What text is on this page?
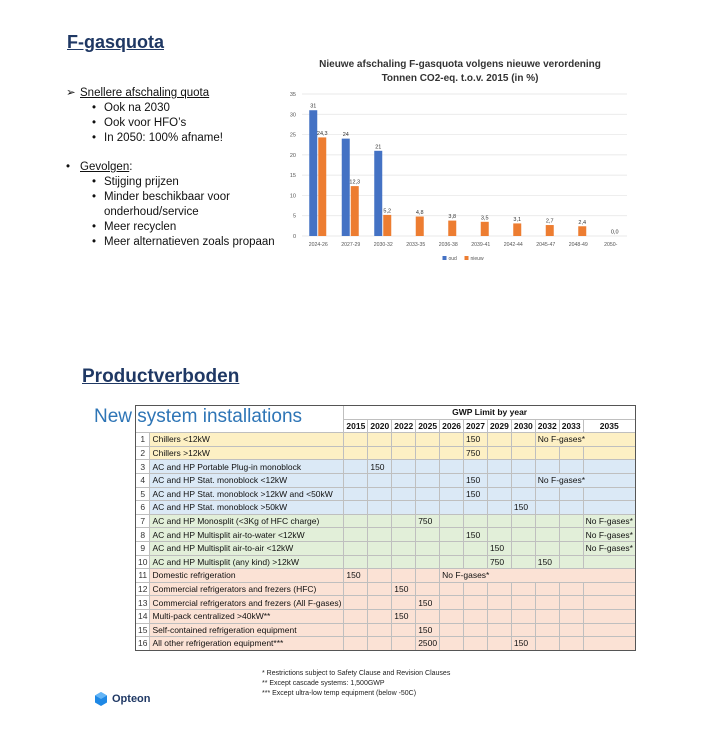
F-gasquota
➢ Snellere afschaling quota
• Ook na 2030
• Ook voor HFO’s
• In 2050: 100% afname!
• Gevolgen:
• Stijging prijzen
• Minder beschikbaar voor
onderhoud/service
• Meer recyclen
• Meer alternatieven zoals propaan
Nieuwe afschaling F-gasquota volgens nieuwe verordening
Tonnen CO2-eq. t.o.v. 2015 (in %)
0
5
10
15
20
25
30
35
2024-26
31
24,3
2027-29
24
12,3
2030-32
21
5,2
2033-35
4,8
2036-38
3,8
2039-41
3,5
2042-44
3,1
2045-47
2,7
2048-49
2,4
2050-
0,0
oud	nieuw
Productverboden
New system installations
		GWP Limit by year										
		2015	2020	2022	2025	2026	2027	2029	2030	2032	2033	2035
1	Chillers <12kW						150			No F-gases*		
2	Chillers >12kW						750					
3	AC and HP Portable Plug-in monoblock		150									
4	AC and HP Stat. monoblock <12kW						150			No F-gases*		
5	AC and HP Stat. monoblock >12kW and <50kW						150					
6	AC and HP Stat. monoblock >50kW								150			
7	AC and HP Monosplit (<3Kg of HFC charge)				750							No F-gases*
8	AC and HP Multisplit air-to-water <12kW						150					No F-gases*
9	AC and HP Multisplit air-to-air <12kW							150				No F-gases*
10	AC and HP Multisplit (any kind) >12kW							750		150		
11	Domestic refrigeration	150				No F-gases*						
12	Commercial refrigerators and frezers (HFC)			150								
13	Commercial refrigerators and frezers (All F-gases)				150							
14	Multi-pack centralized >40kW**			150								
15	Self-contained refrigeration equipment				150							
16	All other refrigeration equipment***				2500				150			
* Restrictions subject to Safety Clause and Revision Clauses
** Except cascade systems: 1,500GWP
*** Except ultra-low temp equipment (below -50C)
Opteon
